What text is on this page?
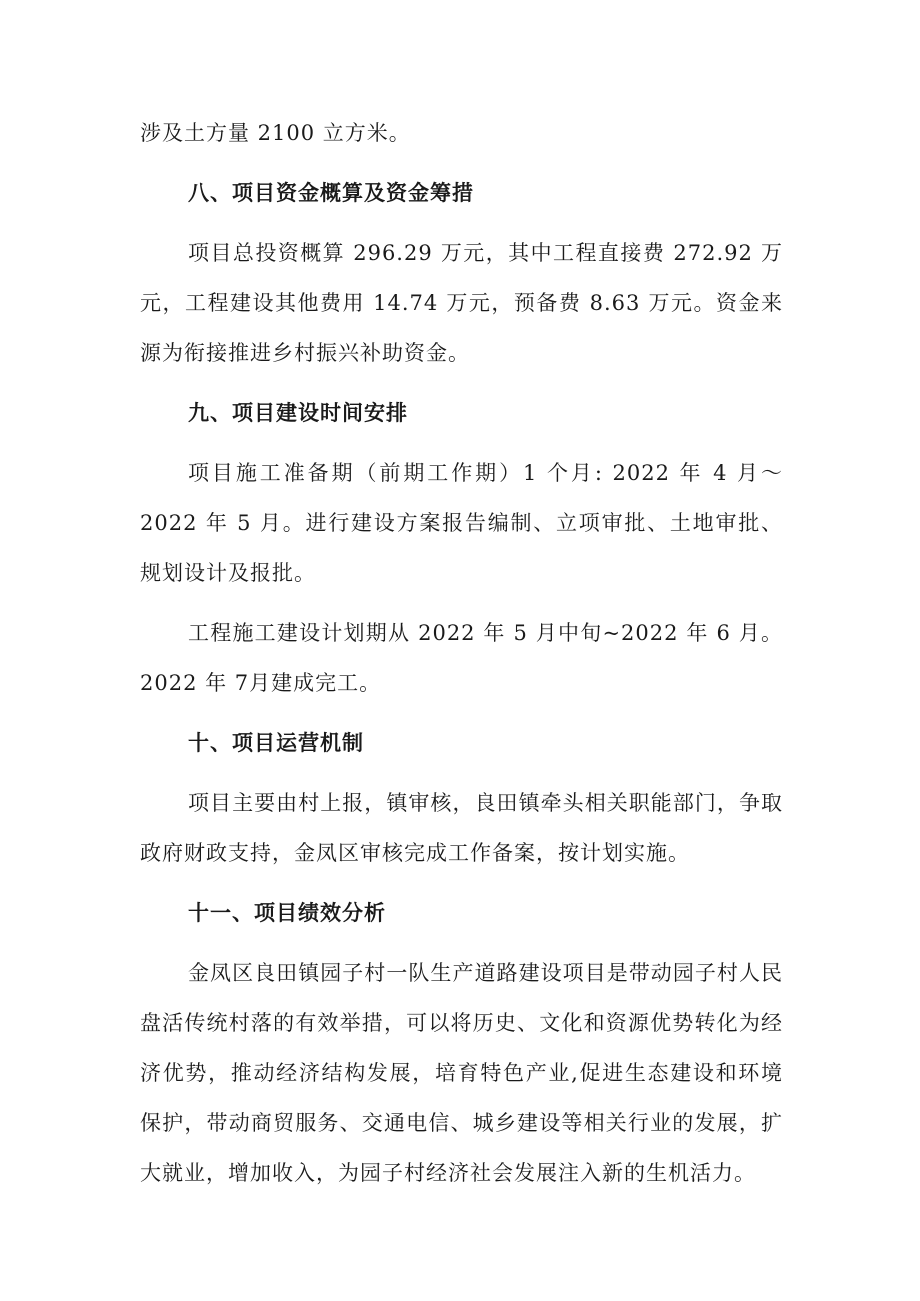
涉及土方量 2100 立方米。

八、项目资金概算及资金筹措

项目总投资概算 296.29 万元，其中工程直接费 272.92 万元，工程建设其他费用 14.74 万元，预备费 8.63 万元。资金来源为衔接推进乡村振兴补助资金。

九、项目建设时间安排

项目施工准备期（前期工作期）1 个月: 2022 年 4 月～2022 年 5 月。进行建设方案报告编制、立项审批、土地审批、规划设计及报批。

工程施工建设计划期从 2022 年 5 月中旬~2022 年 6 月。2022 年 7月建成完工。

十、项目运营机制

项目主要由村上报，镇审核，良田镇牵头相关职能部门，争取政府财政支持，金凤区审核完成工作备案，按计划实施。

十一、项目绩效分析

金凤区良田镇园子村一队生产道路建设项目是带动园子村人民盘活传统村落的有效举措，可以将历史、文化和资源优势转化为经济优势，推动经济结构发展，培育特色产业,促进生态建设和环境保护，带动商贸服务、交通电信、城乡建设等相关行业的发展，扩大就业，增加收入，为园子村经济社会发展注入新的生机活力。
